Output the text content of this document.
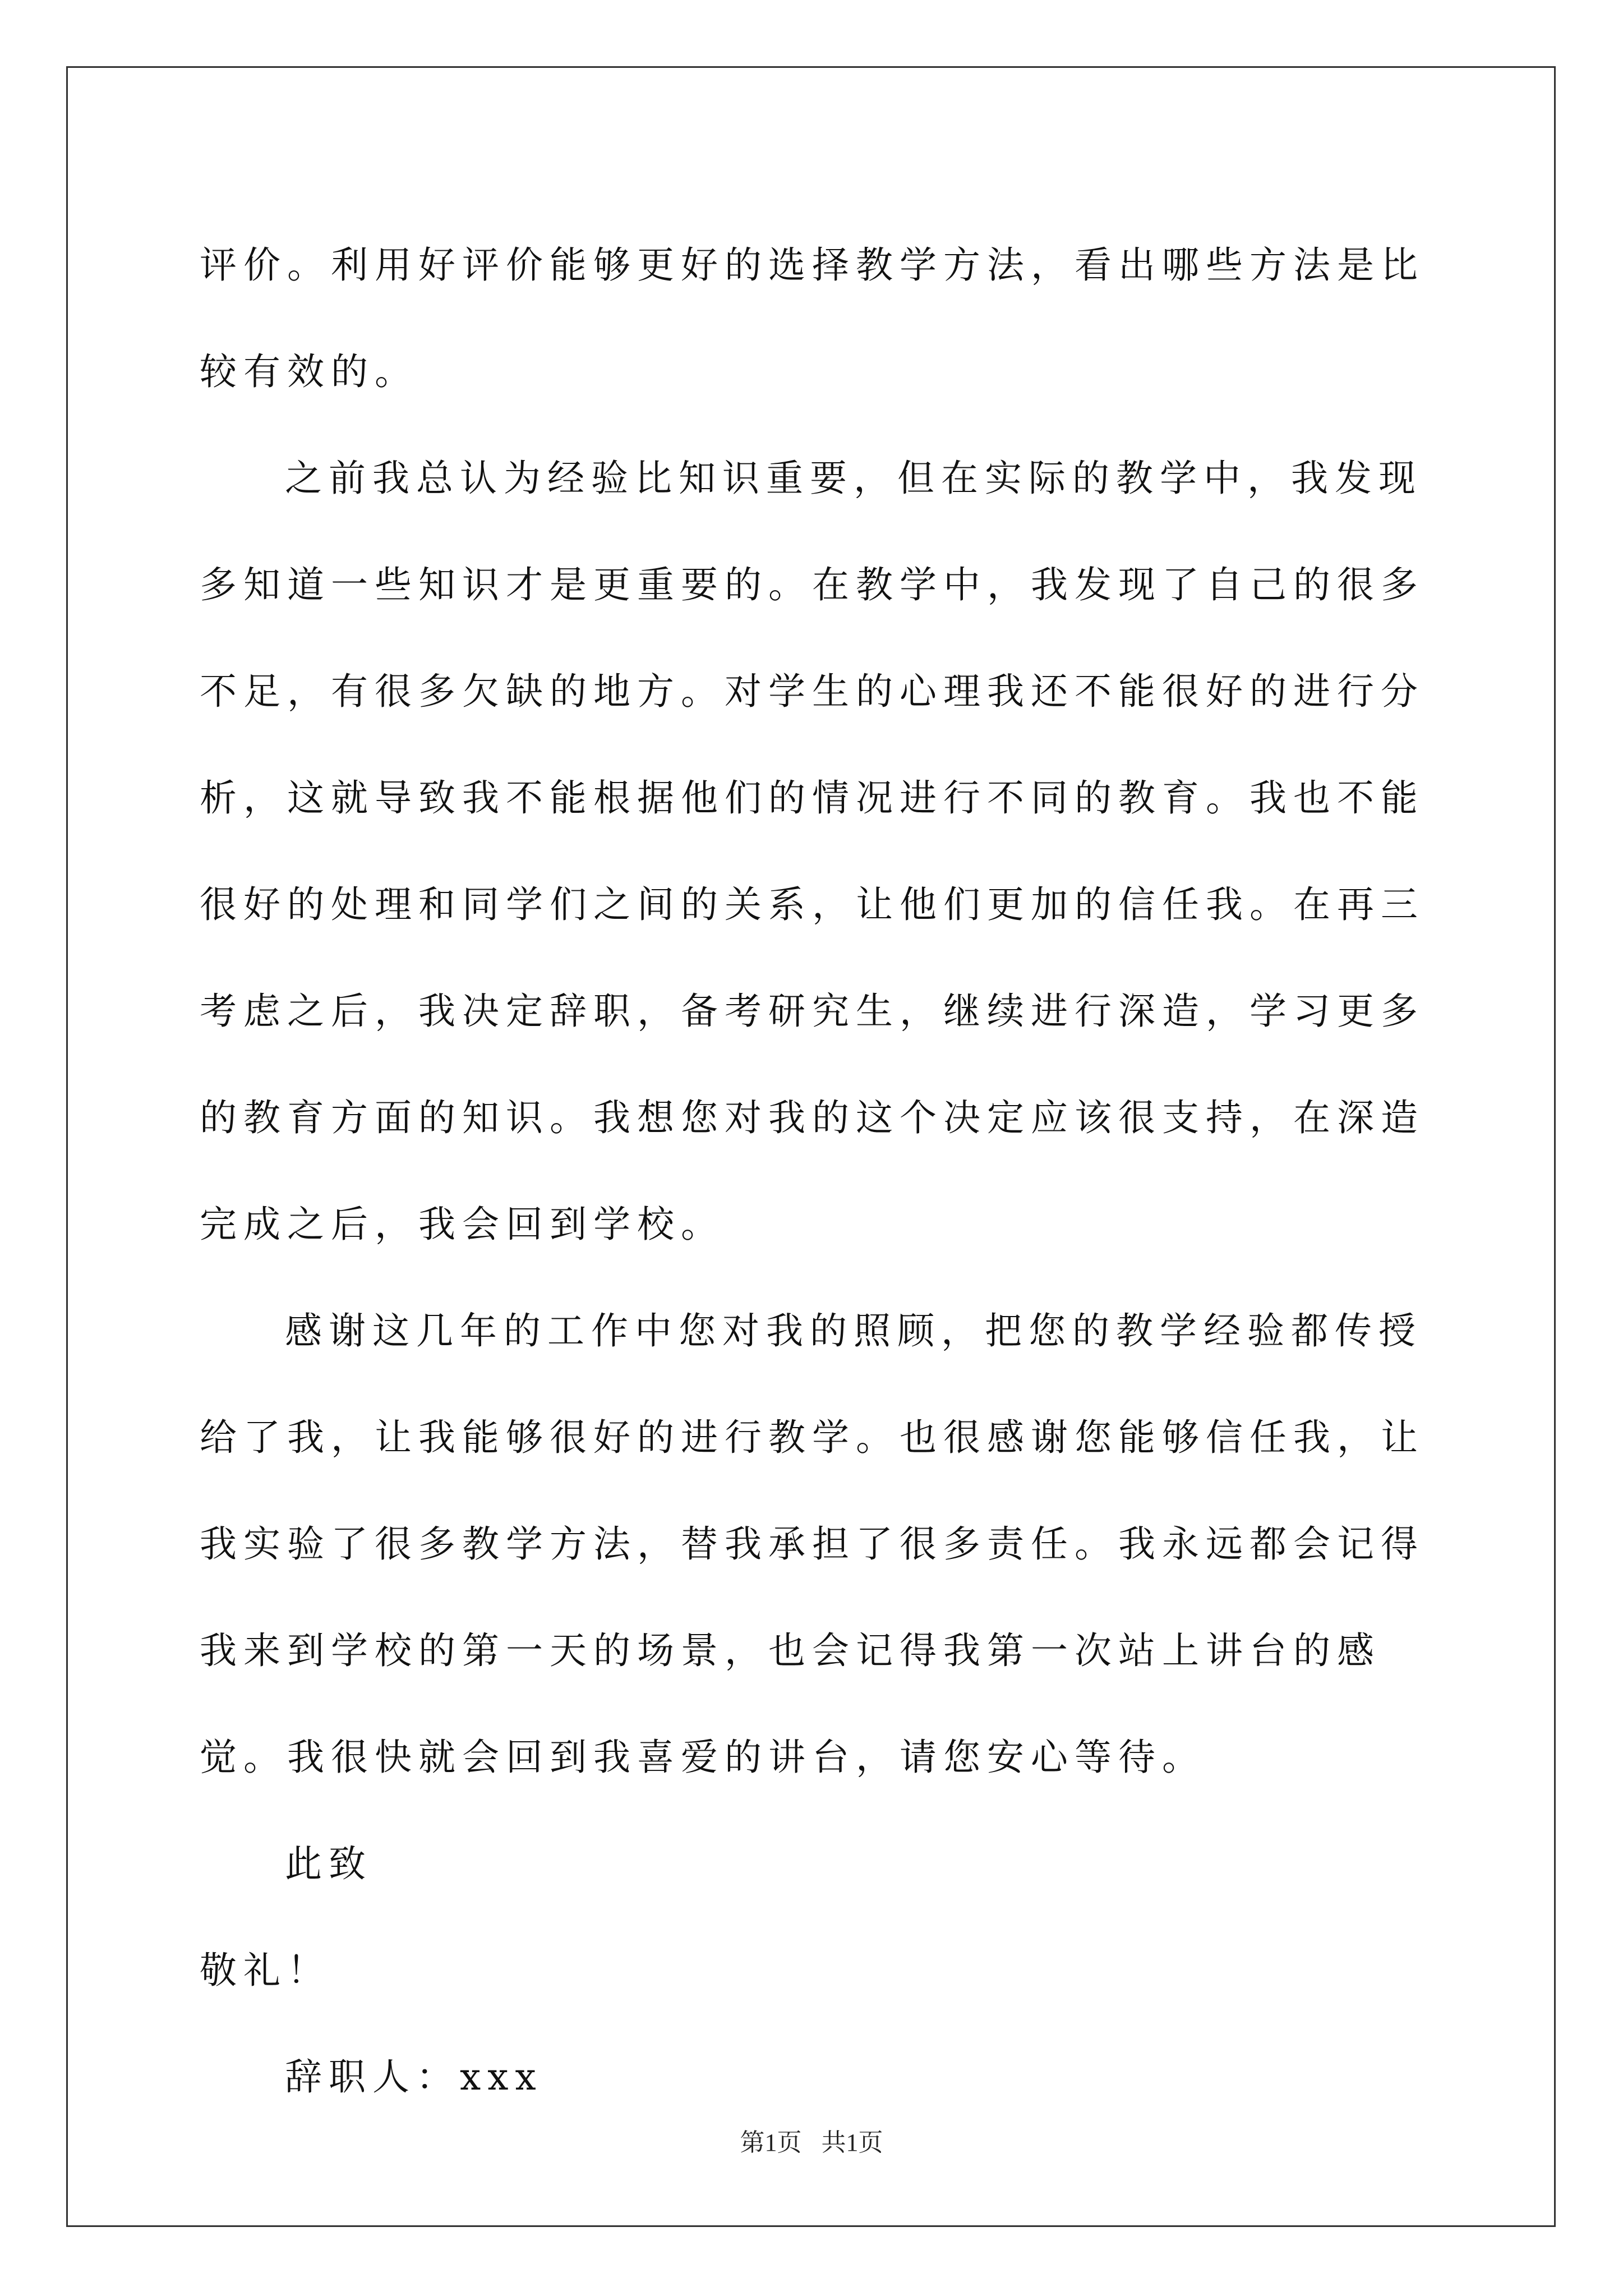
评价。利用好评价能够更好的选择教学方法，看出哪些方法是比较有效的。

之前我总认为经验比知识重要，但在实际的教学中，我发现多知道一些知识才是更重要的。在教学中，我发现了自己的很多不足，有很多欠缺的地方。对学生的心理我还不能很好的进行分析，这就导致我不能根据他们的情况进行不同的教育。我也不能很好的处理和同学们之间的关系，让他们更加的信任我。在再三考虑之后，我决定辞职，备考研究生，继续进行深造，学习更多的教育方面的知识。我想您对我的这个决定应该很支持，在深造完成之后，我会回到学校。

感谢这几年的工作中您对我的照顾，把您的教学经验都传授给了我，让我能够很好的进行教学。也很感谢您能够信任我，让我实验了很多教学方法，替我承担了很多责任。我永远都会记得我来到学校的第一天的场景，也会记得我第一次站上讲台的感觉。我很快就会回到我喜爱的讲台，请您安心等待。

此致

敬礼！

辞职人：xxx

第1页 共1页
